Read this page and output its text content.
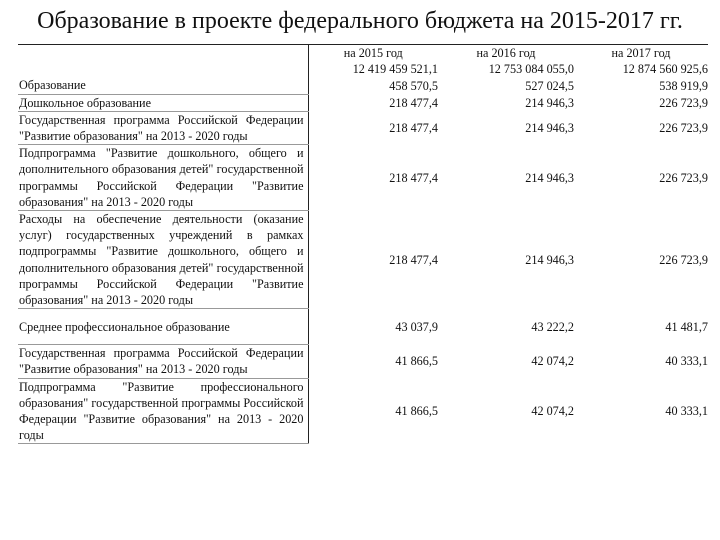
Образование в проекте федерального бюджета на 2015-2017 гг.
	на 2015 год	на 2016 год	на 2017 год
	12 419 459 521,1	12 753 084 055,0	12 874 560 925,6
Образование	458 570,5	527 024,5	538 919,9
Дошкольное образование	218 477,4	214 946,3	226 723,9
Государственная программа Российской Федерации "Развитие образования" на 2013 - 2020 годы	218 477,4	214 946,3	226 723,9
Подпрограмма "Развитие дошкольного, общего и дополнительного образования детей" государственной программы Российской Федерации "Развитие образования" на 2013 - 2020 годы	218 477,4	214 946,3	226 723,9
Расходы на обеспечение деятельности (оказание услуг) государственных учреждений в рамках подпрограммы "Развитие дошкольного, общего и дополнительного образования детей" государственной программы Российской Федерации "Развитие образования" на 2013 - 2020 годы	218 477,4	214 946,3	226 723,9
Среднее профессиональное образование	43 037,9	43 222,2	41 481,7
Государственная программа Российской Федерации "Развитие образования" на 2013 - 2020 годы	41 866,5	42 074,2	40 333,1
Подпрограмма "Развитие профессионального образования" государственной программы Российской Федерации "Развитие образования" на 2013 - 2020 годы	41 866,5	42 074,2	40 333,1
